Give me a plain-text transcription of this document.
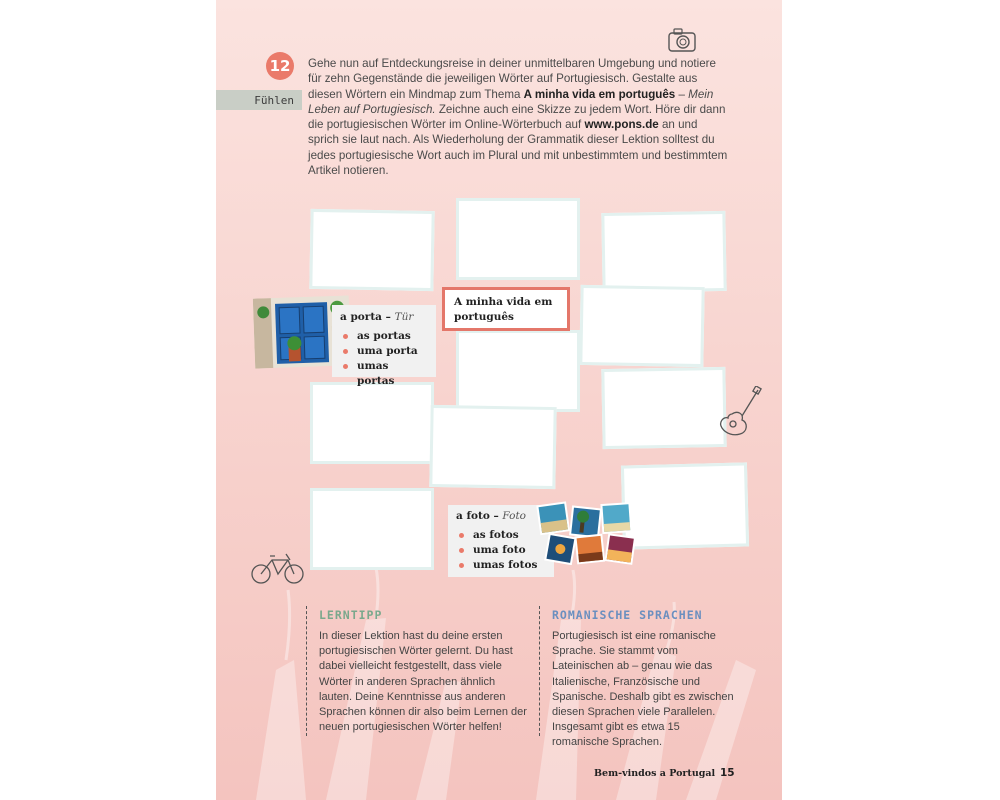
12
Fühlen

Gehe nun auf Entdeckungsreise in deiner unmittelbaren Umgebung und notiere für zehn Gegenstände die jeweiligen Wörter auf Portugiesisch. Gestalte aus diesen Wörtern ein Mindmap zum Thema A minha vida em português – Mein Leben auf Portugiesisch. Zeichne auch eine Skizze zu jedem Wort. Höre dir dann die portugiesischen Wörter im Online-Wörterbuch auf www.pons.de an und sprich sie laut nach. Als Wiederholung der Grammatik dieser Lektion solltest du jedes portugiesische Wort auch im Plural und mit unbestimmtem und bestimmtem Artikel notieren.

A minha vida em português
a porta – Tür
as portas
uma porta
umas portas
a foto – Foto
as fotos
uma foto
umas fotos
LERNTIPP

In dieser Lektion hast du deine ersten portugiesischen Wörter gelernt. Du hast dabei vielleicht festgestellt, dass viele Wörter in anderen Sprachen ähnlich lauten. Deine Kenntnisse aus anderen Sprachen können dir also beim Lernen der neuen portugiesischen Wörter helfen!

ROMANISCHE SPRACHEN

Portugiesisch ist eine romanische Sprache. Sie stammt vom Lateinischen ab – genau wie das Italienische, Französische und Spanische. Deshalb gibt es zwischen diesen Sprachen viele Parallelen. Insgesamt gibt es etwa 15 romanische Sprachen.

Bem-vindos a Portugal 15
